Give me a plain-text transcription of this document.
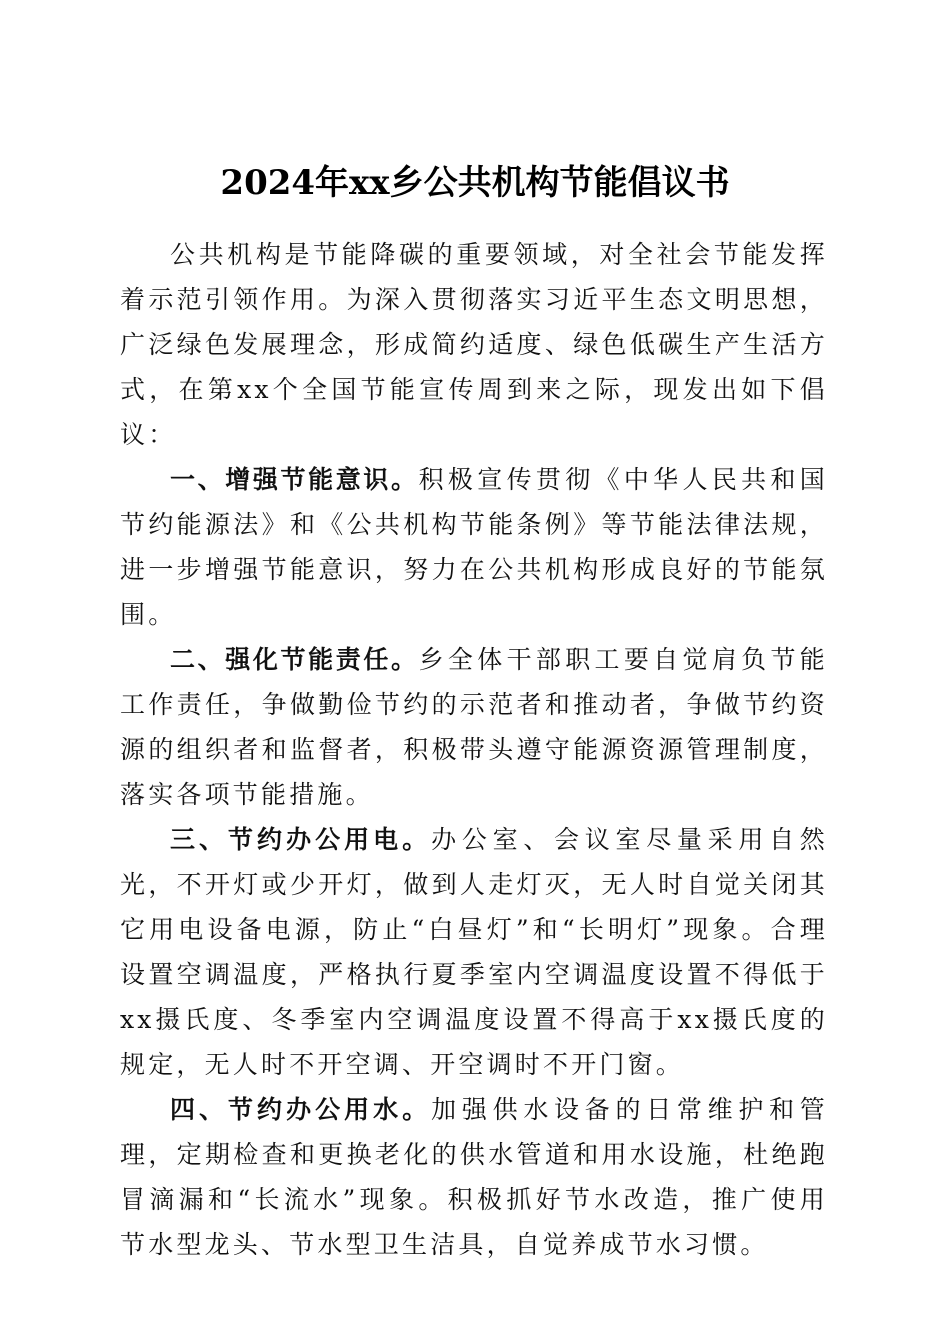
2024年xx乡公共机构节能倡议书

公共机构是节能降碳的重要领域，对全社会节能发挥着示范引领作用。为深入贯彻落实习近平生态文明思想，广泛绿色发展理念，形成简约适度、绿色低碳生产生活方式，在第xx个全国节能宣传周到来之际，现发出如下倡议：

一、增强节能意识。积极宣传贯彻《中华人民共和国节约能源法》和《公共机构节能条例》等节能法律法规，进一步增强节能意识，努力在公共机构形成良好的节能氛围。

二、强化节能责任。乡全体干部职工要自觉肩负节能工作责任，争做勤俭节约的示范者和推动者，争做节约资源的组织者和监督者，积极带头遵守能源资源管理制度，落实各项节能措施。

三、节约办公用电。办公室、会议室尽量采用自然光，不开灯或少开灯，做到人走灯灭，无人时自觉关闭其它用电设备电源，防止“白昼灯”和“长明灯”现象。合理设置空调温度，严格执行夏季室内空调温度设置不得低于xx摄氏度、冬季室内空调温度设置不得高于xx摄氏度的规定，无人时不开空调、开空调时不开门窗。

四、节约办公用水。加强供水设备的日常维护和管理，定期检查和更换老化的供水管道和用水设施，杜绝跑冒滴漏和“长流水”现象。积极抓好节水改造，推广使用节水型龙头、节水型卫生洁具，自觉养成节水习惯。
